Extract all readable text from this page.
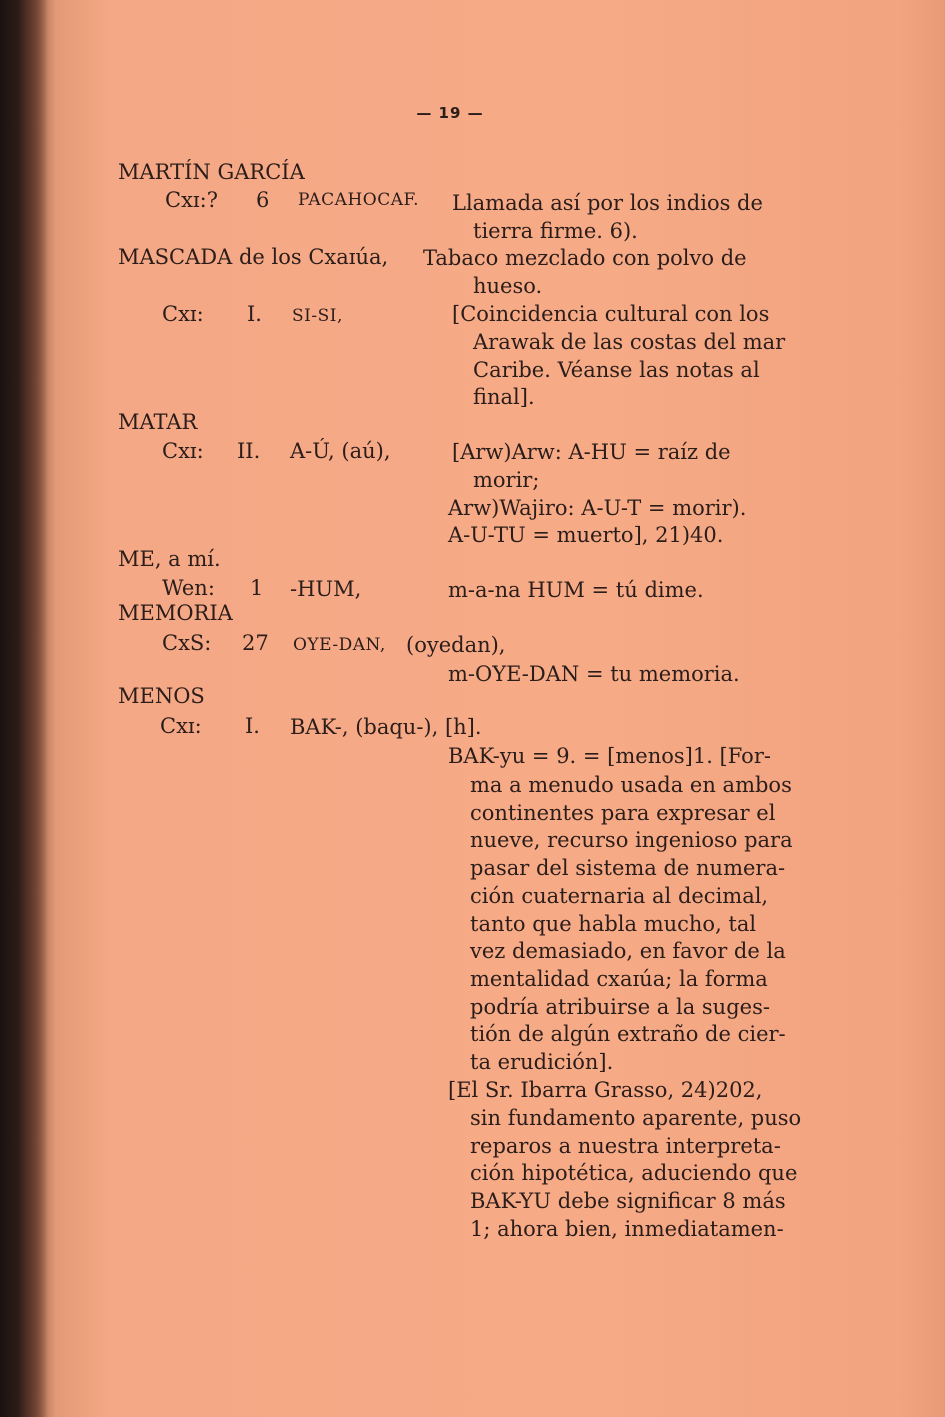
— 19 —
MARTÍN GARCÍA
Cxɪ:? 6 PACAHOCAF. Llamada así por los indios de
tierra firme. 6).
MASCADA de los Cxaɪúa, Tabaco mezclado con polvo de
hueso.
Cxɪ: I. SI-SI,	[Coincidencia cultural con los
Arawak de las costas del mar
Caribe. Véanse las notas al
final].
MATAR
Cxɪ: II. A-Ú, (aú),	[Arw)Arw: A-HU = raíz de
morir;
Arw)Wajiro: A-U-T = morir).
A-U-TU = muerto], 21)40.
ME, a mí.
Wen: 1 -HUM,	m-a-na HUM = tú dime.
MEMORIA
CxS: 27 OYE-DAN, (oyedan),
m-OYE-DAN = tu memoria.
MENOS
Cxɪ: I. BAK-, (baqu-), [h].
BAK-yu = 9. = [menos]1. [For-
ma a menudo usada en ambos
continentes para expresar el
nueve, recurso ingenioso para
pasar del sistema de numera-
ción cuaternaria al decimal,
tanto que habla mucho, tal
vez demasiado, en favor de la
mentalidad cxaɪúa; la forma
podría atribuirse a la suges-
tión de algún extraño de cier-
ta erudición].
[El Sr. Ibarra Grasso, 24)202,
sin fundamento aparente, puso
reparos a nuestra interpreta-
ción hipotética, aduciendo que
BAK-YU debe significar 8 más
1; ahora bien, inmediatamen-
